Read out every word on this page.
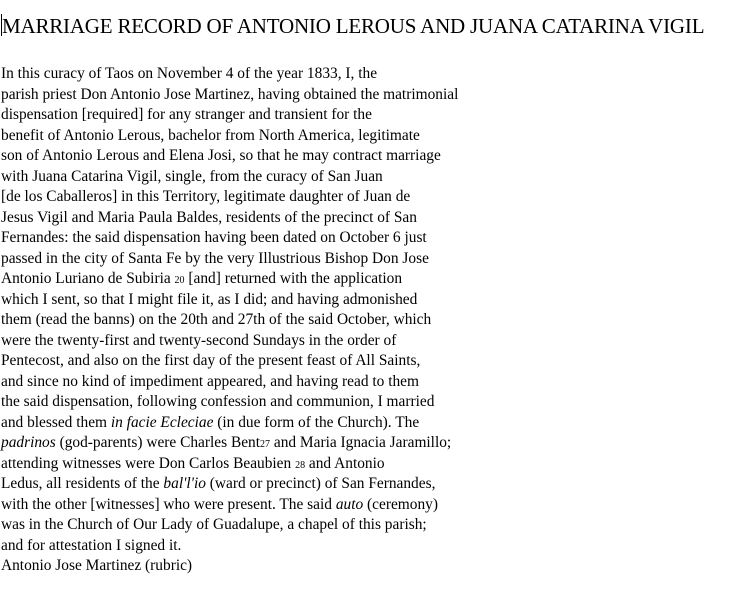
MARRIAGE RECORD OF ANTONIO LEROUS AND JUANA CATARINA VIGIL
In this curacy of Taos on November 4 of the year 1833, I, the
parish priest Don Antonio Jose Martinez, having obtained the matrimonial
dispensation [required] for any stranger and transient for the
benefit of Antonio Lerous, bachelor from North America, legitimate
son of Antonio Lerous and Elena Josi, so that he may contract marriage
with Juana Catarina Vigil, single, from the curacy of San Juan
[de los Caballeros] in this Territory, legitimate daughter of Juan de
Jesus Vigil and Maria Paula Baldes, residents of the precinct of San
Fernandes: the said dispensation having been dated on October 6 just
passed in the city of Santa Fe by the very Illustrious Bishop Don Jose
Antonio Luriano de Subiria 20 [and] returned with the application
which I sent, so that I might file it, as I did; and having admonished
them (read the banns) on the 20th and 27th of the said October, which
were the twenty-first and twenty-second Sundays in the order of
Pentecost, and also on the first day of the present feast of All Saints,
and since no kind of impediment appeared, and having read to them
the said dispensation, following confession and communion, I married
and blessed them in facie Ecleciae (in due form of the Church). The
padrinos (god-parents) were Charles Bent27 and Maria Ignacia Jaramillo;
attending witnesses were Don Carlos Beaubien 28 and Antonio
Ledus, all residents of the bal'l'io (ward or precinct) of San Fernandes,
with the other [witnesses] who were present. The said auto (ceremony)
was in the Church of Our Lady of Guadalupe, a chapel of this parish;
and for attestation I signed it.
Antonio Jose Martinez (rubric)
